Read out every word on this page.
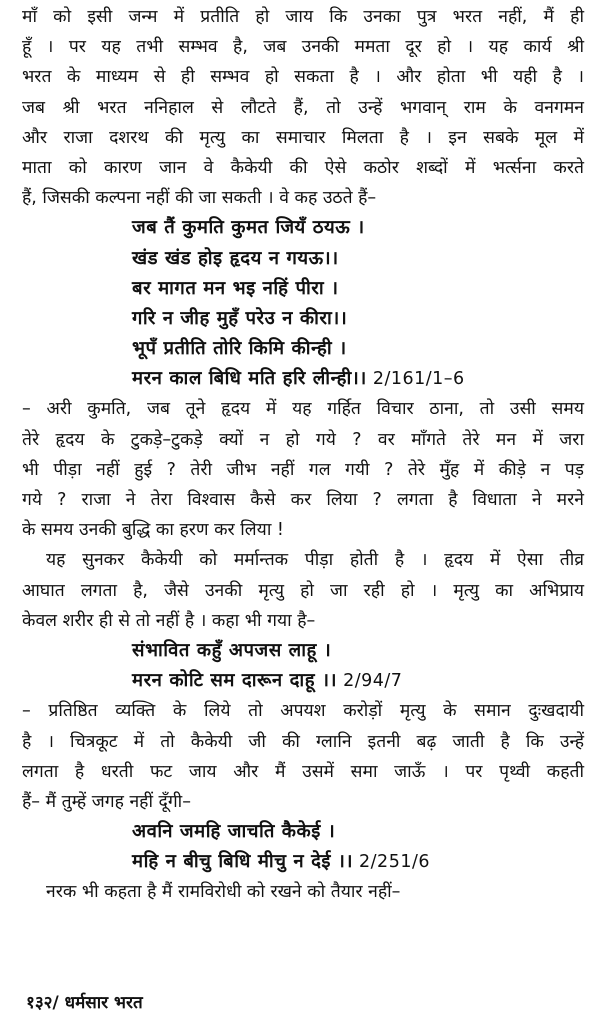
माँ को इसी जन्म में प्रतीति हो जाय कि उनका पुत्र भरत नहीं, मैं ही
हूँ । पर यह तभी सम्भव है, जब उनकी ममता दूर हो । यह कार्य श्री
भरत के माध्यम से ही सम्भव हो सकता है । और होता भी यही है ।
जब श्री भरत ननिहाल से लौटते हैं, तो उन्हें भगवान् राम के वनगमन
और राजा दशरथ की मृत्यु का समाचार मिलता है । इन सबके मूल में
माता को कारण जान वे कैकेयी की ऐसे कठोर शब्दों में भर्त्सना करते
हैं, जिसकी कल्पना नहीं की जा सकती । वे कह उठते हैं–
जब तैं कुमति कुमत जियँ ठयऊ ।
खंड खंड होइ हृदय न गयऊ।।
बर मागत मन भइ नहिं पीरा ।
गरि न जीह मुहँ परेउ न कीरा।।
भूपँ प्रतीति तोरि किमि कीन्ही ।
मरन काल बिधि मति हरि लीन्ही।। 2/161/1–6
– अरी कुमति, जब तूने हृदय में यह गर्हित विचार ठाना, तो उसी समय
तेरे हृदय के टुकड़े–टुकड़े क्यों न हो गये ? वर माँगते तेरे मन में जरा
भी पीड़ा नहीं हुई ? तेरी जीभ नहीं गल गयी ? तेरे मुँह में कीड़े न पड़
गये ? राजा ने तेरा विश्वास कैसे कर लिया ? लगता है विधाता ने मरने
के समय उनकी बुद्धि का हरण कर लिया !
यह सुनकर कैकेयी को मर्मान्तक पीड़ा होती है । हृदय में ऐसा तीव्र
आघात लगता है, जैसे उनकी मृत्यु हो जा रही हो । मृत्यु का अभिप्राय
केवल शरीर ही से तो नहीं है । कहा भी गया है–
संभावित कहुँ अपजस लाहू ।
मरन कोटि सम दारून दाहू ।। 2/94/7
– प्रतिष्ठित व्यक्ति के लिये तो अपयश करोड़ों मृत्यु के समान दुःखदायी
है । चित्रकूट में तो कैकेयी जी की ग्लानि इतनी बढ़ जाती है कि उन्हें
लगता है धरती फट जाय और मैं उसमें समा जाऊँ । पर पृथ्वी कहती
हैं– मैं तुम्हें जगह नहीं दूँगी–
अवनि जमहि जाचति कैकेई ।
महि न बीचु बिधि मीचु न देई ।। 2/251/6
नरक भी कहता है मैं रामविरोधी को रखने को तैयार नहीं–
१३२/ धर्मसार भरत
